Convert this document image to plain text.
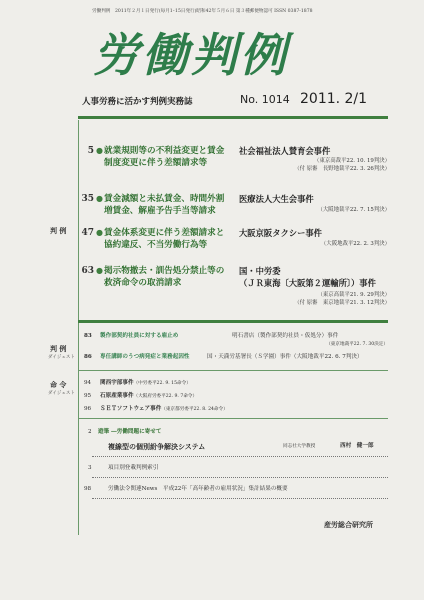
労働判例　2011年２月１日発行(毎月1･15日発行)昭和42年５月６日 第３種郵便物認可 ISSN 0387-1878
労働判例
人事労務に活かす判例実務誌	No. 1014 2011. 2/1
判 例
5 ● 就業規則等の不利益変更と賃金
制度変更に伴う差額請求等
社会福祉法人賛育会事件
（東京高裁平22. 10. 19判決）
（付 原審　長野地裁平22. 3. 26判決）
35 ● 賃金減額と未払賃金、時間外割
増賃金、解雇予告手当等請求
医療法人大生会事件
（大阪地裁平22. 7. 15判決）
47 ● 賃金体系変更に伴う差額請求と
協約違反、不当労働行為等
大阪京阪タクシー事件
（大阪地裁平22. 2. 3判決）
63 ● 掲示物撤去・訓告処分禁止等の
救済命令の取消請求
国・中労委
（ＪＲ東海〔大阪第２運輸所〕）事件
（東京高裁平21. 9. 29判決）
（付 原審　東京地裁平21. 3. 12判決）
判 例
ダイジェスト
83 製作部契約社員に対する雇止め	明石書店（製作部契約社員・仮処分）事件
（東京地裁平22. 7. 30決定）
86 専任講師のうつ病発症と業務起因性	国・天満労基署長（Ｓ学園）事件（大阪地裁平22. 6. 7判決）
命 令
ダイジェスト
94 関西宇部事件（中労委平22. 9. 15命令）
95 石原産業事件（大阪府労委平22. 9. 7命令）
96 ＳＥＴソフトウェア事件（東京都労委平22. 8. 24命令）
2 遊筆 ―労働問題に寄せて
複線型の個別紛争解決システム	同志社大学教授	西村　健一郎
3	項目別登載判例索引
98	労働法令関連News　平成22年「高年齢者の雇用状況」集計結果の概要
産労総合研究所
